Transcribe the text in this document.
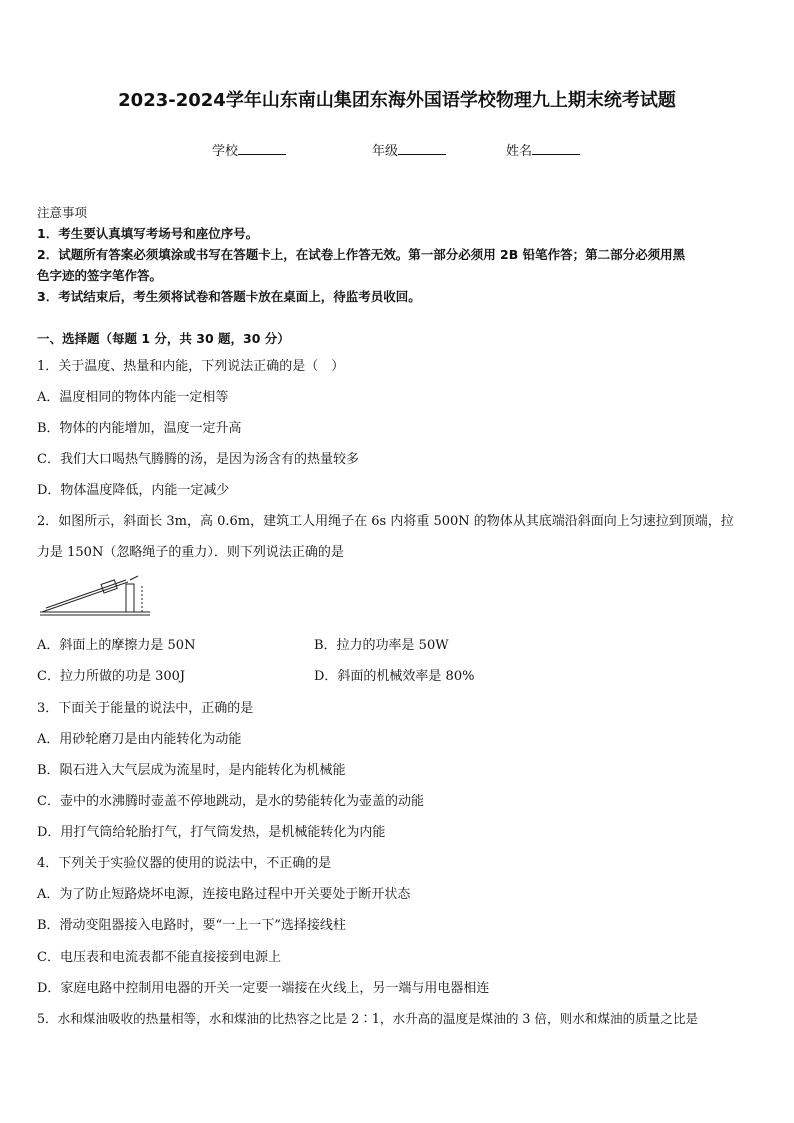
2023-2024学年山东南山集团东海外国语学校物理九上期末统考试题
学校	年级	姓名
注意事项
1．考生要认真填写考场号和座位序号。
2．试题所有答案必须填涂或书写在答题卡上，在试卷上作答无效。第一部分必须用 2B 铅笔作答；第二部分必须用黑
色字迹的签字笔作答。
3．考试结束后，考生须将试卷和答题卡放在桌面上，待监考员收回。
一、选择题（每题 1 分，共 30 题，30 分）
1．关于温度、热量和内能，下列说法正确的是（　）
A．温度相同的物体内能一定相等
B．物体的内能增加，温度一定升高
C．我们大口喝热气腾腾的汤，是因为汤含有的热量较多
D．物体温度降低，内能一定减少
2．如图所示，斜面长 3m，高 0.6m，建筑工人用绳子在 6s 内将重 500N 的物体从其底端沿斜面向上匀速拉到顶端，拉
力是 150N（忽略绳子的重力）．则下列说法正确的是
A．斜面上的摩擦力是 50N	B．拉力的功率是 50W
C．拉力所做的功是 300J	D．斜面的机械效率是 80%
3．下面关于能量的说法中，正确的是
A．用砂轮磨刀是由内能转化为动能
B．陨石进入大气层成为流星时，是内能转化为机械能
C．壶中的水沸腾时壶盖不停地跳动，是水的势能转化为壶盖的动能
D．用打气筒给轮胎打气，打气筒发热，是机械能转化为内能
4．下列关于实验仪器的使用的说法中，不正确的是
A．为了防止短路烧坏电源，连接电路过程中开关要处于断开状态
B．滑动变阻器接入电路时，要“一上一下”选择接线柱
C．电压表和电流表都不能直接接到电源上
D．家庭电路中控制用电器的开关一定要一端接在火线上，另一端与用电器相连
5．水和煤油吸收的热量相等，水和煤油的比热容之比是 2∶1，水升高的温度是煤油的 3 倍，则水和煤油的质量之比是
